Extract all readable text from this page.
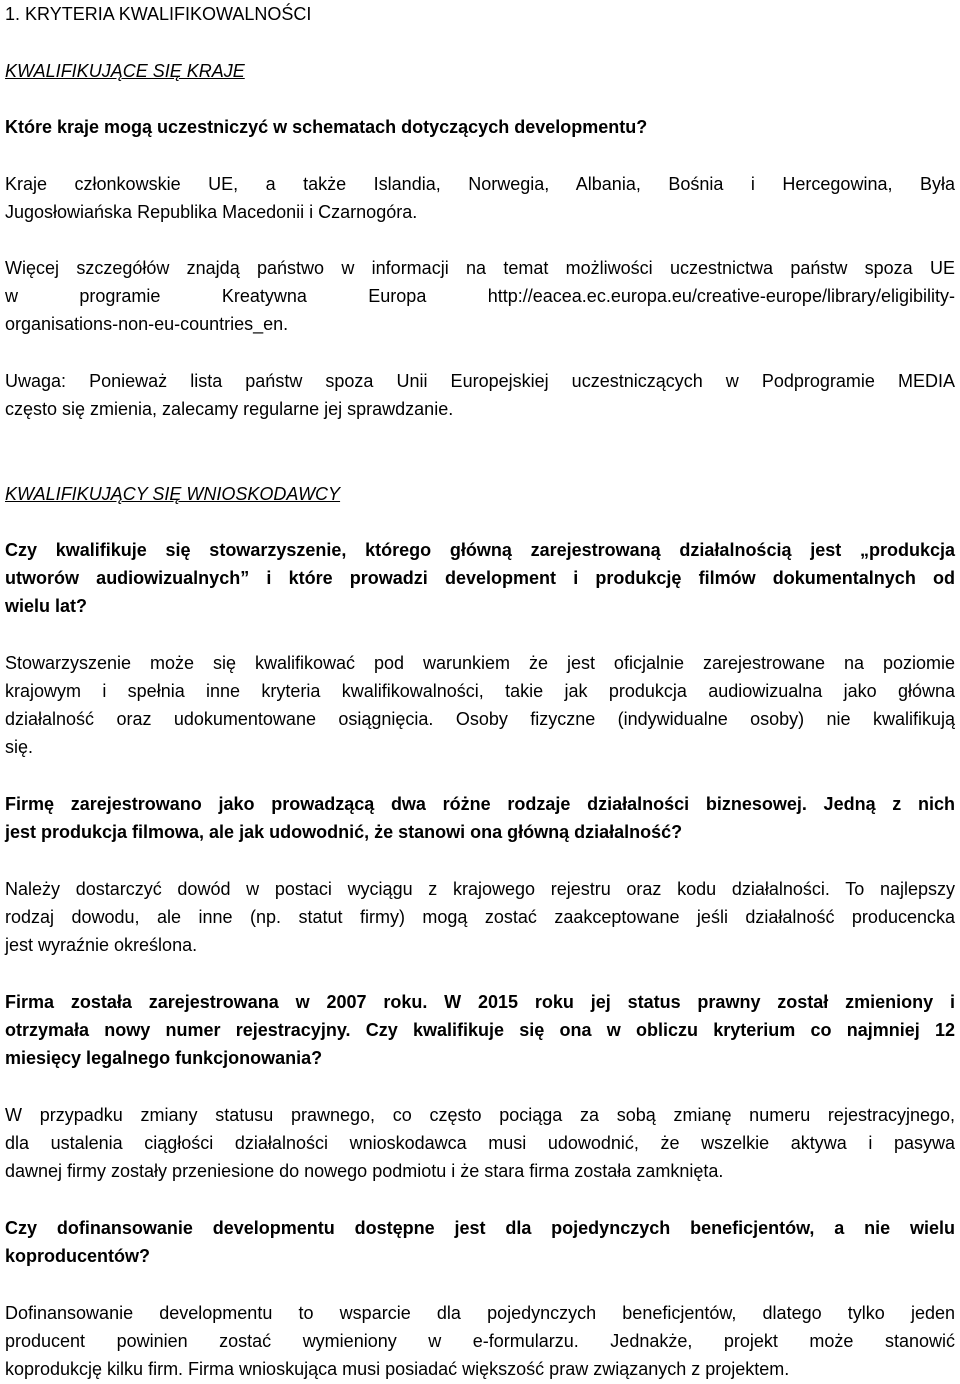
1. KRYTERIA KWALIFIKOWALNOŚCI
KWALIFIKUJĄCE SIĘ KRAJE
Które kraje mogą uczestniczyć w schematach dotyczących developmentu?
Kraje członkowskie UE, a także Islandia, Norwegia, Albania, Bośnia i Hercegowina, Była
Jugosłowiańska Republika Macedonii i Czarnogóra.
Więcej szczegółów znajdą państwo w informacji na temat możliwości uczestnictwa państw spoza UE
w programie Kreatywna Europa http://eacea.ec.europa.eu/creative-europe/library/eligibility-
organisations-non-eu-countries_en.
Uwaga: Ponieważ lista państw spoza Unii Europejskiej uczestniczących w Podprogramie MEDIA
często się zmienia, zalecamy regularne jej sprawdzanie.
KWALIFIKUJĄCY SIĘ WNIOSKODAWCY
Czy kwalifikuje się stowarzyszenie, którego główną zarejestrowaną działalnością jest „produkcja
utworów audiowizualnych” i które prowadzi development i produkcję filmów dokumentalnych od
wielu lat?
Stowarzyszenie może się kwalifikować pod warunkiem że jest oficjalnie zarejestrowane na poziomie
krajowym i spełnia inne kryteria kwalifikowalności, takie jak produkcja audiowizualna jako główna
działalność oraz udokumentowane osiągnięcia. Osoby fizyczne (indywidualne osoby) nie kwalifikują
się.
Firmę zarejestrowano jako prowadzącą dwa różne rodzaje działalności biznesowej. Jedną z nich
jest produkcja filmowa, ale jak udowodnić, że stanowi ona główną działalność?
Należy dostarczyć dowód w postaci wyciągu z krajowego rejestru oraz kodu działalności. To najlepszy
rodzaj dowodu, ale inne (np. statut firmy) mogą zostać zaakceptowane jeśli działalność producencka
jest wyraźnie określona.
Firma została zarejestrowana w 2007 roku. W 2015 roku jej status prawny został zmieniony i
otrzymała nowy numer rejestracyjny. Czy kwalifikuje się ona w obliczu kryterium co najmniej 12
miesięcy legalnego funkcjonowania?
W przypadku zmiany statusu prawnego, co często pociąga za sobą zmianę numeru rejestracyjnego,
dla ustalenia ciągłości działalności wnioskodawca musi udowodnić, że wszelkie aktywa i pasywa
dawnej firmy zostały przeniesione do nowego podmiotu i że stara firma została zamknięta.
Czy dofinansowanie developmentu dostępne jest dla pojedynczych beneficjentów, a nie wielu
koproducentów?
Dofinansowanie developmentu to wsparcie dla pojedynczych beneficjentów, dlatego tylko jeden
producent powinien zostać wymieniony w e-formularzu. Jednakże, projekt może stanowić
koprodukcję kilku firm. Firma wnioskująca musi posiadać większość praw związanych z projektem.
